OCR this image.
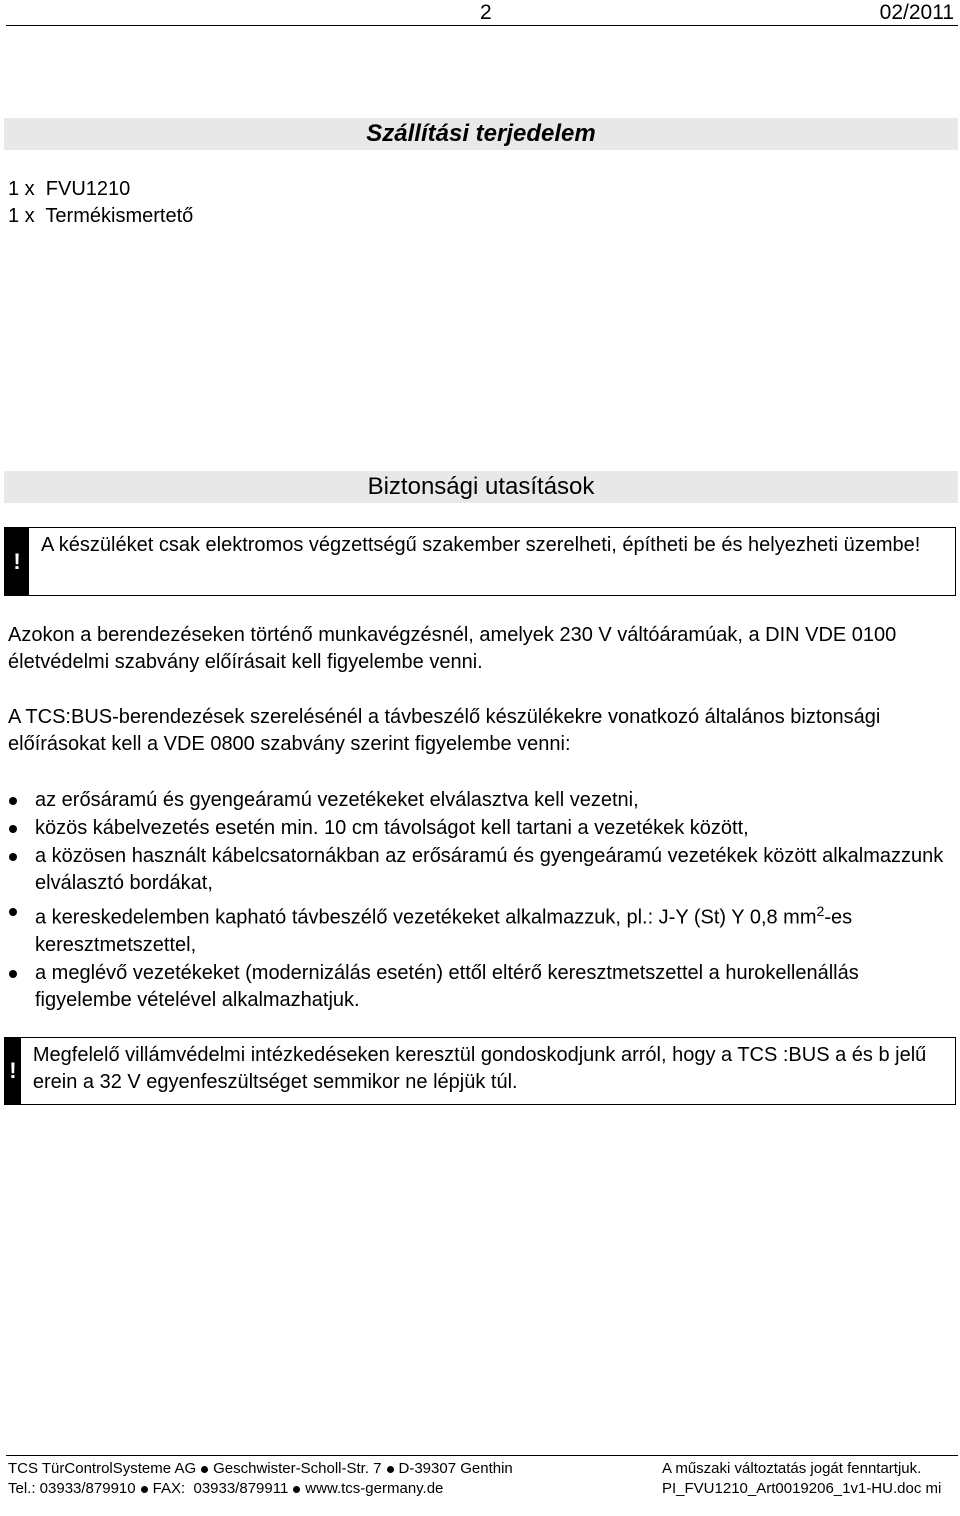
2	02/2011
Szállítási terjedelem
1 x  FVU1210
1 x  Termékismertető
Biztonsági utasítások
!
A készüléket csak elektromos végzettségű szakember szerelheti, építheti be és helyezheti üzembe!
Azokon a berendezéseken történő munkavégzésnél, amelyek 230 V váltóáramúak, a DIN VDE 0100 életvédelmi szabvány előírásait kell figyelembe venni.
A TCS:BUS-berendezések szerelésénél a távbeszélő készülékekre vonatkozó általános biztonsági előírásokat kell a VDE 0800 szabvány szerint figyelembe venni:
az erősáramú és gyengeáramú vezetékeket elválasztva kell vezetni,
közös kábelvezetés esetén min. 10 cm távolságot kell tartani a vezetékek között,
a közösen használt kábelcsatornákban az erősáramú és gyengeáramú vezetékek között alkalmazzunk elválasztó bordákat,
a kereskedelemben kapható távbeszélő vezetékeket alkalmazzuk, pl.: J-Y (St) Y 0,8 $mm^2-es$ keresztmetszettel,
a meglévő vezetékeket (modernizálás esetén) ettől eltérő keresztmetszettel a hurokellenállás figyelembe vételével alkalmazhatjuk.
!
Megfelelő villámvédelmi intézkedéseken keresztül gondoskodjunk arról, hogy a TCS :BUS a és b jelű erein a 32 V egyenfeszültséget semmikor ne lépjük túl.
TCS TürControlSysteme AG Geschwister-Scholl-Str. 7 D-39307 Genthin
Tel.: 03933/879910 FAX:  03933/879911 www.tcs-germany.de
A műszaki változtatás jogát fenntartjuk.
PI_FVU1210_Art0019206_1v1-HU.doc mi
